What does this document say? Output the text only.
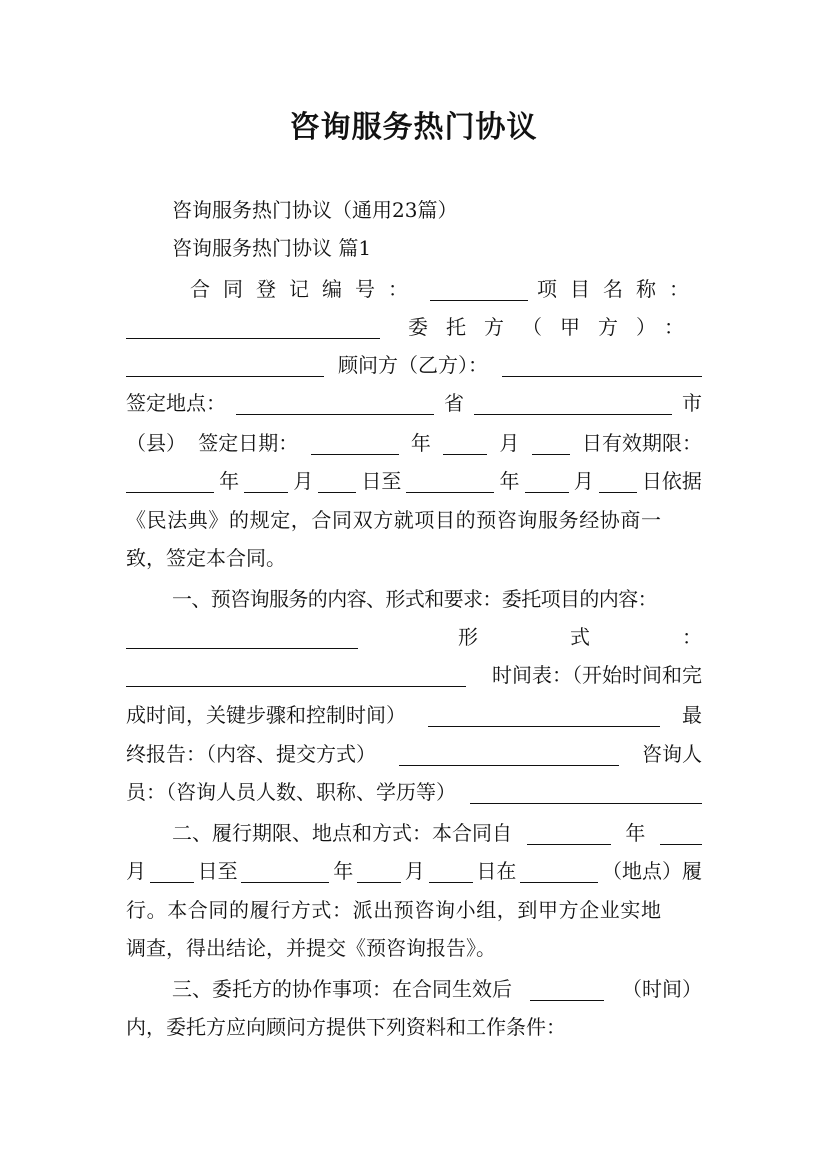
咨询服务热门协议
咨询服务热门协议（通用23篇）
咨询服务热门协议 篇1
合同登记编号：	项目名称：
委托方（甲方）：
顾问方（乙方）：
签定地点：	省	市
（县） 签定日期：	年	月	日有效期限：
年	月 日至	年	月 日依据
《民法典》的规定，合同双方就项目的预咨询服务经协商一
致，签定本合同。
一、预咨询服务的内容、形式和要求：委托项目的内容：
形式：
时间表：（开始时间和完
成时间，关键步骤和控制时间）	最
终报告：（内容、提交方式）	咨询人
员：（咨询人员人数、职称、学历等）
二、履行期限、地点和方式：本合同自	年
月	日至	年	月	日在	（地点）履
行。本合同的履行方式：派出预咨询小组，到甲方企业实地
调查，得出结论，并提交《预咨询报告》。
三、委托方的协作事项：在合同生效后	（时间）
内，委托方应向顾问方提供下列资料和工作条件：
